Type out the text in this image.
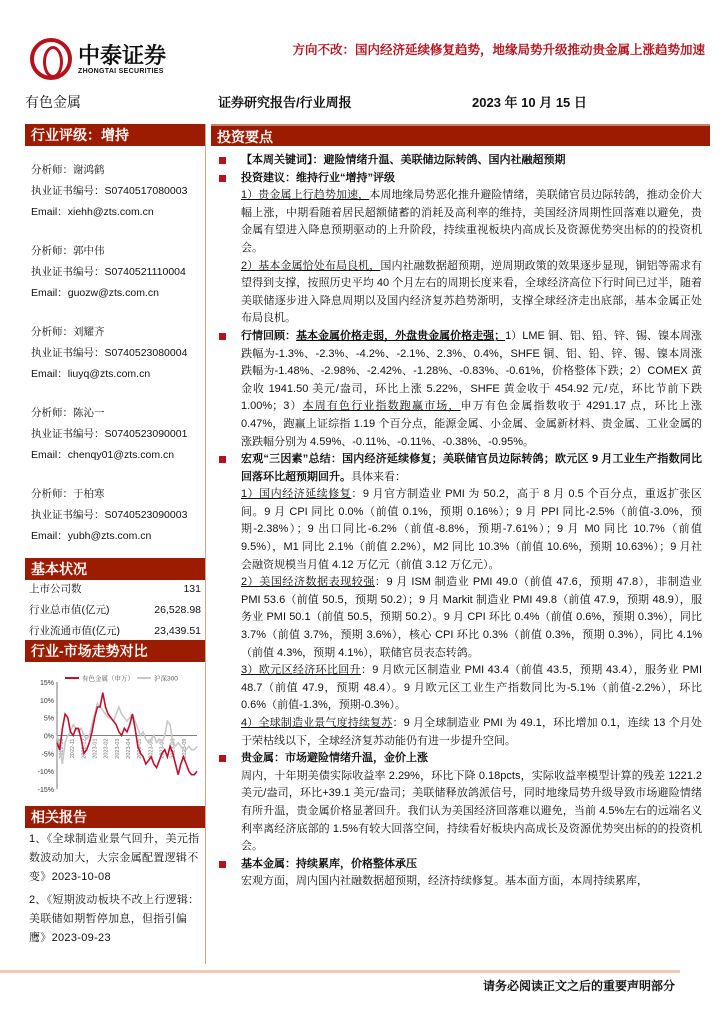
中泰证券
ZHONGTAI SECURITIES
方向不改：国内经济延续修复趋势，地缘局势升级推动贵金属上涨趋势加速
有色金属	证券研究报告/行业周报	2023 年 10 月 15 日
行业评级：增持
分析师：谢鸿鹤
执业证书编号：S0740517080003
Email：xiehh@zts.com.cn
分析师：郭中伟
执业证书编号：S0740521110004
Email：guozw@zts.com.cn
分析师：刘耀齐
执业证书编号：S0740523080004
Email：liuyq@zts.com.cn
分析师：陈沁一
执业证书编号：S0740523090001
Email：chenqy01@zts.com.cn
分析师：于柏寒
执业证书编号：S0740523090003
Email：yubh@zts.com.cn
基本状况
上市公司数	131
行业总市值(亿元)	26,528.98
行业流通市值(亿元)	23,439.51
行业-市场走势对比
15%
10%
5%
0%
-5%
-10%
-15%
2022-10 2022-11 2022-12 2023-01 2023-02 2023-03 2023-04 2023-05 2023-06 2023-07 2023-08 2023-09
有色金属（申万）	沪深300
相关报告
1、《全球制造业景气回升，美元指数波动加大，大宗金属配置逻辑不变》2023-10-08
2、《短期波动板块不改上行逻辑：美联储如期暂停加息，但指引偏鹰》2023-09-23
投资要点
【本周关键词】：避险情绪升温、美联储边际转鸽、国内社融超预期
投资建议：维持行业“增持”评级
1）贵金属上行趋势加速，本周地缘局势恶化推升避险情绪，美联储官员边际转鸽，推动金价大幅上涨，中期看随着居民超额储蓄的消耗及高利率的维持，美国经济周期性回落难以避免，贵金属有望进入降息预期驱动的上升阶段，持续重视板块内高成长及资源优势突出标的的投资机会。
2）基本金属恰处布局良机，国内社融数据超预期，逆周期政策的效果逐步显现，铜铝等需求有望得到支撑，按照历史平均 40 个月左右的周期长度来看，全球经济高位下行时间已过半，随着美联储逐步进入降息周期以及国内经济复苏趋势渐明，支撑全球经济走出底部，基本金属正处布局良机。
行情回顾：基本金属价格走弱，外盘贵金属价格走强；1）LME 铜、铝、铅、锌、锡、镍本周涨跌幅为-1.3%、-2.3%、-4.2%、-2.1%、2.3%、0.4%，SHFE 铜、铝、铅、锌、锡、镍本周涨跌幅为-1.48%、-2.98%、-2.42%、-1.28%、-0.83%、-0.61%，价格整体下跌；2）COMEX 黄金收 1941.50 美元/盎司，环比上涨 5.22%，SHFE 黄金收于 454.92 元/克，环比节前下跌 1.00%；3）本周有色行业指数跑赢市场，申万有色金属指数收于 4291.17 点，环比上涨 0.47%，跑赢上证综指 1.19 个百分点，能源金属、小金属、金属新材料、贵金属、工业金属的涨跌幅分别为 4.59%、-0.11%、-0.11%、-0.38%、-0.95%。
宏观“三因素”总结：国内经济延续修复；美联储官员边际转鸽；欧元区 9 月工业生产指数同比回落环比超预期回升。具体来看：
1）国内经济延续修复：9 月官方制造业 PMI 为 50.2，高于 8 月 0.5 个百分点，重返扩张区间。9 月 CPI 同比 0.0%（前值 0.1%，预期 0.16%）；9 月 PPI 同比-2.5%（前值-3.0%，预期-2.38%）；9 出口同比-6.2%（前值-8.8%，预期-7.61%）；9 月 M0 同比 10.7%（前值 9.5%），M1 同比 2.1%（前值 2.2%），M2 同比 10.3%（前值 10.6%，预期 10.63%）；9 月社会融资规模当月值 4.12 万亿元（前值 3.12 万亿元）。
2）美国经济数据表现较强：9 月 ISM 制造业 PMI 49.0（前值 47.6，预期 47.8），非制造业 PMI 53.6（前值 50.5，预期 50.2）；9 月 Markit 制造业 PMI 49.8（前值 47.9，预期 48.9），服务业 PMI 50.1（前值 50.5，预期 50.2）。9 月 CPI 环比 0.4%（前值 0.6%，预期 0.3%），同比 3.7%（前值 3.7%，预期 3.6%），核心 CPI 环比 0.3%（前值 0.3%，预期 0.3%），同比 4.1%（前值 4.3%，预期 4.1%），联储官员表态转鸽。
3）欧元区经济环比回升：9 月欧元区制造业 PMI 43.4（前值 43.5，预期 43.4），服务业 PMI 48.7（前值 47.9，预期 48.4）。9 月欧元区工业生产指数同比为-5.1%（前值-2.2%），环比 0.6%（前值-1.3%，预期-0.3%）。
4）全球制造业景气度持续复苏：9 月全球制造业 PMI 为 49.1，环比增加 0.1，连续 13 个月处于荣枯线以下，全球经济复苏动能仍有进一步提升空间。
贵金属：市场避险情绪升温，金价上涨
周内，十年期美债实际收益率 2.29%，环比下降 0.18pcts，实际收益率模型计算的残差 1221.2 美元/盎司，环比+39.1 美元/盎司；美联储释放鸽派信号，同时地缘局势升级导致市场避险情绪有所升温，贵金属价格显著回升。我们认为美国经济回落难以避免，当前 4.5%左右的远端名义利率离经济底部的 1.5%有较大回落空间，持续看好板块内高成长及资源优势突出标的的投资机会。
基本金属：持续累库，价格整体承压
宏观方面，周内国内社融数据超预期，经济持续修复。基本面方面，本周持续累库，
请务必阅读正文之后的重要声明部分
